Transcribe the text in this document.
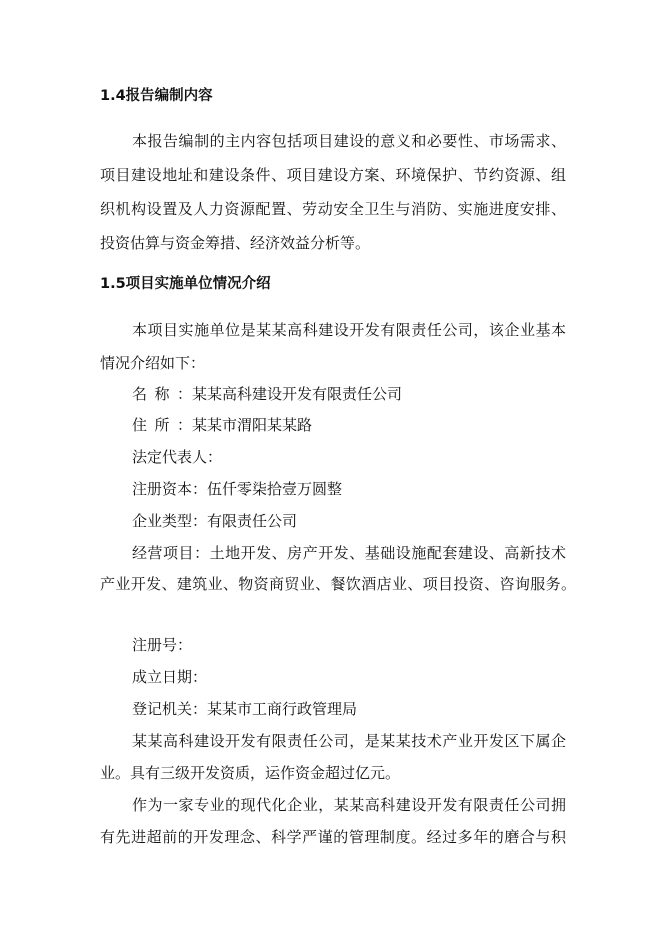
1.4报告编制内容
本报告编制的主内容包括项目建设的意义和必要性、市场需求、
项目建设地址和建设条件、项目建设方案、环境保护、节约资源、组
织机构设置及人力资源配置、劳动安全卫生与消防、实施进度安排、
投资估算与资金筹措、经济效益分析等。
1.5项目实施单位情况介绍
本项目实施单位是某某高科建设开发有限责任公司，该企业基本
情况介绍如下：
名称：某某高科建设开发有限责任公司
住所：某某市渭阳某某路
法定代表人：
注册资本：伍仟零柒拾壹万圆整
企业类型：有限责任公司
经营项目：土地开发、房产开发、基础设施配套建设、高新技术
产业开发、建筑业、物资商贸业、餐饮酒店业、项目投资、咨询服务。
注册号：
成立日期：
登记机关：某某市工商行政管理局
某某高科建设开发有限责任公司，是某某技术产业开发区下属企
业。具有三级开发资质，运作资金超过亿元。
作为一家专业的现代化企业，某某高科建设开发有限责任公司拥
有先进超前的开发理念、科学严谨的管理制度。经过多年的磨合与积
